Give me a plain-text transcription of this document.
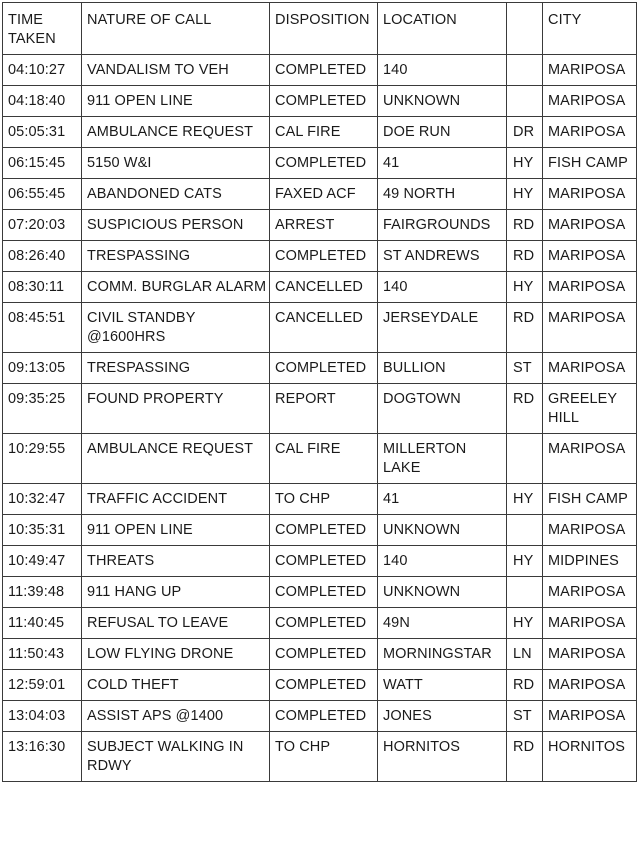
TIME TAKEN	NATURE OF CALL	DISPOSITION	LOCATION		CITY
04:10:27	VANDALISM TO VEH	COMPLETED	140		MARIPOSA
04:18:40	911 OPEN LINE	COMPLETED	UNKNOWN		MARIPOSA
05:05:31	AMBULANCE REQUEST	CAL FIRE	DOE RUN	DR	MARIPOSA
06:15:45	5150 W&I	COMPLETED	41	HY	FISH CAMP
06:55:45	ABANDONED CATS	FAXED ACF	49 NORTH	HY	MARIPOSA
07:20:03	SUSPICIOUS PERSON	ARREST	FAIRGROUNDS	RD	MARIPOSA
08:26:40	TRESPASSING	COMPLETED	ST ANDREWS	RD	MARIPOSA
08:30:11	COMM. BURGLAR ALARM	CANCELLED	140	HY	MARIPOSA
08:45:51	CIVIL STANDBY @1600HRS	CANCELLED	JERSEYDALE	RD	MARIPOSA
09:13:05	TRESPASSING	COMPLETED	BULLION	ST	MARIPOSA
09:35:25	FOUND PROPERTY	REPORT	DOGTOWN	RD	GREELEY HILL
10:29:55	AMBULANCE REQUEST	CAL FIRE	MILLERTON LAKE		MARIPOSA
10:32:47	TRAFFIC ACCIDENT	TO CHP	41	HY	FISH CAMP
10:35:31	911 OPEN LINE	COMPLETED	UNKNOWN		MARIPOSA
10:49:47	THREATS	COMPLETED	140	HY	MIDPINES
11:39:48	911 HANG UP	COMPLETED	UNKNOWN		MARIPOSA
11:40:45	REFUSAL TO LEAVE	COMPLETED	49N	HY	MARIPOSA
11:50:43	LOW FLYING DRONE	COMPLETED	MORNINGSTAR	LN	MARIPOSA
12:59:01	COLD THEFT	COMPLETED	WATT	RD	MARIPOSA
13:04:03	ASSIST APS @1400	COMPLETED	JONES	ST	MARIPOSA
13:16:30	SUBJECT WALKING IN RDWY	TO CHP	HORNITOS	RD	HORNITOS
